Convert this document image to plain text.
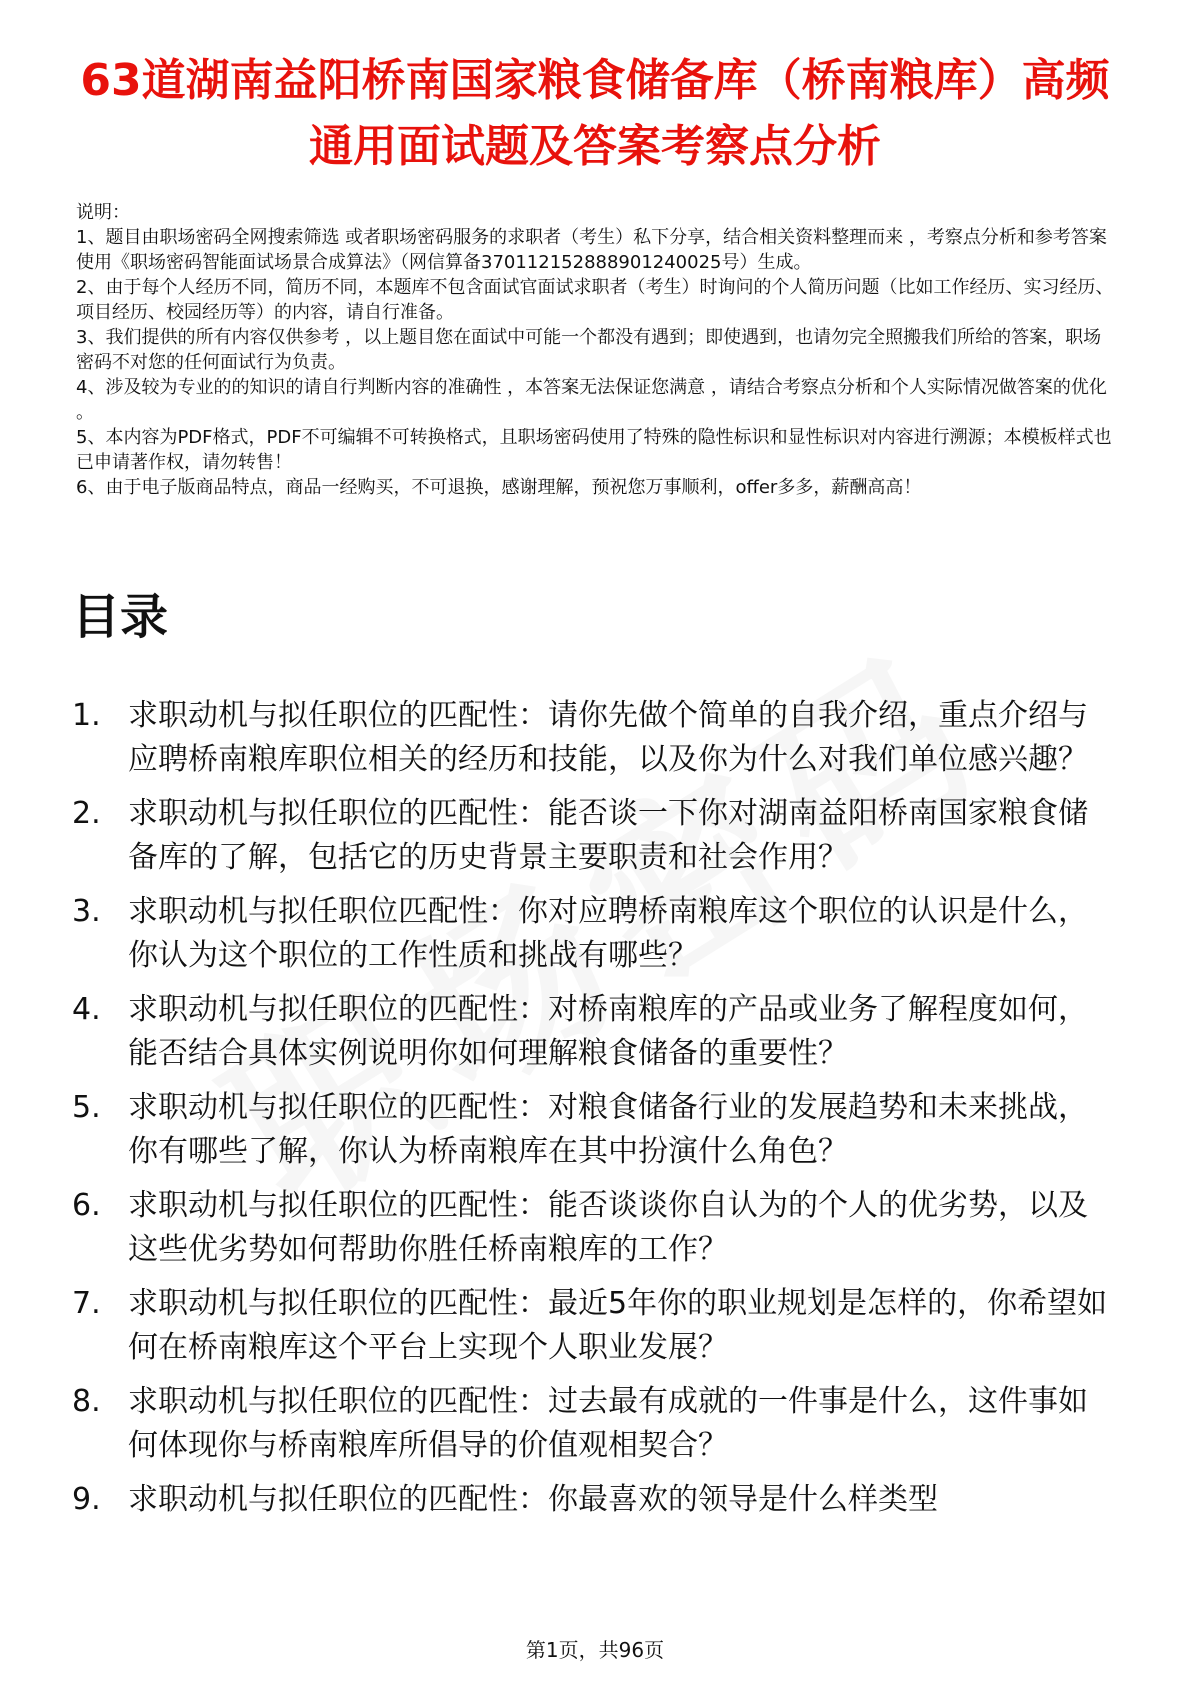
63道湖南益阳桥南国家粮食储备库（桥南粮库）高频通用面试题及答案考察点分析

说明：

1、题目由职场密码全网搜索筛选 或者职场密码服务的求职者（考生）私下分享，结合相关资料整理而来 ，考察点分析和参考答案使用《职场密码智能面试场景合成算法》（网信算备370112152888901240025号）生成。

2、由于每个人经历不同，简历不同，本题库不包含面试官面试求职者（考生）时询问的个人简历问题（比如工作经历、实习经历、项目经历、校园经历等）的内容，请自行准备。

3、我们提供的所有内容仅供参考 ，以上题目您在面试中可能一个都没有遇到；即使遇到，也请勿完全照搬我们所给的答案，职场密码不对您的任何面试行为负责。

4、涉及较为专业的的知识的请自行判断内容的准确性 ，本答案无法保证您满意 ，请结合考察点分析和个人实际情况做答案的优化 。

5、本内容为PDF格式，PDF不可编辑不可转换格式，且职场密码使用了特殊的隐性标识和显性标识对内容进行溯源；本模板样式也已申请著作权，请勿转售！

6、由于电子版商品特点，商品一经购买，不可退换，感谢理解，预祝您万事顺利，offer多多，薪酬高高！

目录
1. 求职动机与拟任职位的匹配性：请你先做个简单的自我介绍，重点介绍与应聘桥南粮库职位相关的经历和技能，以及你为什么对我们单位感兴趣？
2. 求职动机与拟任职位的匹配性：能否谈一下你对湖南益阳桥南国家粮食储备库的了解，包括它的历史背景主要职责和社会作用？
3. 求职动机与拟任职位匹配性：你对应聘桥南粮库这个职位的认识是什么，你认为这个职位的工作性质和挑战有哪些？
4. 求职动机与拟任职位的匹配性：对桥南粮库的产品或业务了解程度如何，能否结合具体实例说明你如何理解粮食储备的重要性？
5. 求职动机与拟任职位的匹配性：对粮食储备行业的发展趋势和未来挑战，你有哪些了解，你认为桥南粮库在其中扮演什么角色？
6. 求职动机与拟任职位的匹配性：能否谈谈你自认为的个人的优劣势，以及这些优劣势如何帮助你胜任桥南粮库的工作？
7. 求职动机与拟任职位的匹配性：最近5年你的职业规划是怎样的，你希望如何在桥南粮库这个平台上实现个人职业发展？
8. 求职动机与拟任职位的匹配性：过去最有成就的一件事是什么，这件事如何体现你与桥南粮库所倡导的价值观相契合？
9. 求职动机与拟任职位的匹配性：你最喜欢的领导是什么样类型
第1页，共96页
